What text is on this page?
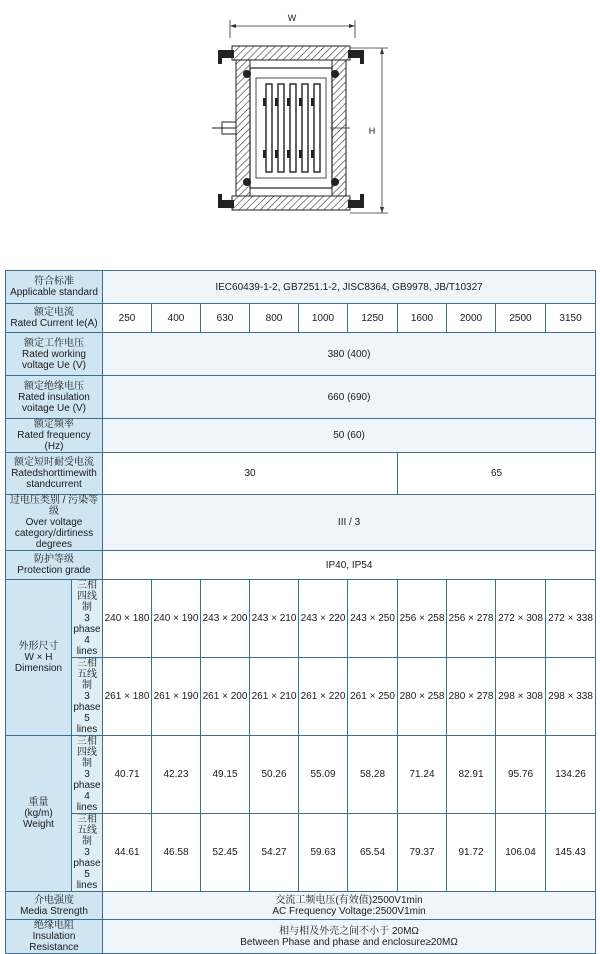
W
H
符合标准
Applicable standard		IEC60439-1-2, GB7251.1-2, JISC8364, GB9978, JB/T10327									

额定电流
Rated Current Ie(A)		250	400	630	800	1000	1250	1600	2000	2500	3150

额定工作电压
Rated working
voltage Ue (V)		380 (400)									

额定绝缘电压
Rated insulation
voitage Ue (V)		660 (690)									

额定频率
Rated frequency
(Hz)		50 (60)									

额定短时耐受电流
Ratedshorttimewith
standcurrent		30						65			

过电压类别 / 污染等级
Over voltage
category/dirtiness
degrees		III / 3									

防护等级
Protection grade		IP40, IP54									

外形尺寸
W × H
Dimension	三相四线制
3 phase 4 lines	240 × 180	240 × 190	243 × 200	243 × 210	243 × 220	243 × 250	256 × 258	256 × 278	272 × 308	272 × 338

	三相五线制
3 phase 5 lines	261 × 180	261 × 190	261 × 200	261 × 210	261 × 220	261 × 250	280 × 258	280 × 278	298 × 308	298 × 338

重量
(kg/m)
Weight	三相四线制
3 phase 4 lines	40.71	42.23	49.15	50.26	55.09	58.28	71.24	82.91	95.76	134.26

	三相五线制
3 phase 5 lines	44.61	46.58	52.45	54.27	59.63	65.54	79.37	91.72	106.04	145.43

介电强度
Media Strength		交流工频电压(有效值)2500V1min
AC Frequency Voltage:2500V1min									

绝缘电阻
Insulation Resistance		相与相及外壳之间不小于 20MΩ
Between Phase and phase and enclosure≥20MΩ									
